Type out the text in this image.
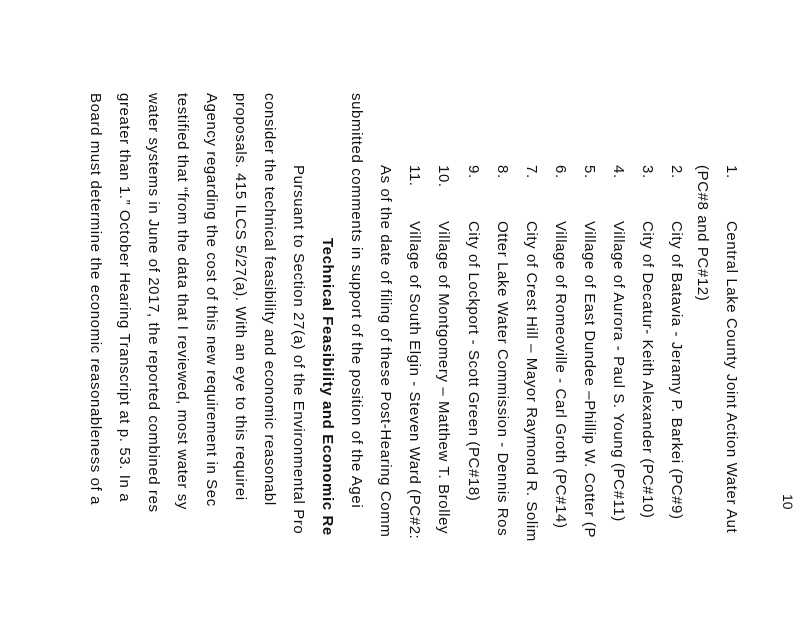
1.Central Lake County Joint Action Water Aut
(PC#8 and PC#12)
2.City of Batavia - Jeramy P. Barkei (PC#9)
3.City of Decatur- Keith Alexander (PC#10)
4.Village of Aurora - Paul S. Young (PC#11)
5.Village of East Dundee –Phillip W. Cotter (P
6.Village of Romeoville - Carl Groth (PC#14)
7.City of Crest Hill – Mayor Raymond R. Solim
8.Otter Lake Water Commission - Dennis Ros
9.City of Lockport - Scott Green (PC#18)
10.Village of Montgomery – Matthew T. Brolley
11.Village of South Elgin - Steven Ward (PC#2:
As of the date of filing of these Post-Hearing Comm
submitted comments in support of the position of the Agei
Technical Feasibility and Economic Re
Pursuant to Section 27(a) of the Environmental Pro
consider the technical feasibility and economic reasonabl
proposals. 415 ILCS 5/27(a). With an eye to this requirei
Agency regarding the cost of this new requirement in Sec
testified that “from the data that I reviewed, most water sy
water systems in June of 2017, the reported combined res
greater than 1.” October Hearing Transcript at p. 53. In a
Board must determine the economic reasonableness of a	10
